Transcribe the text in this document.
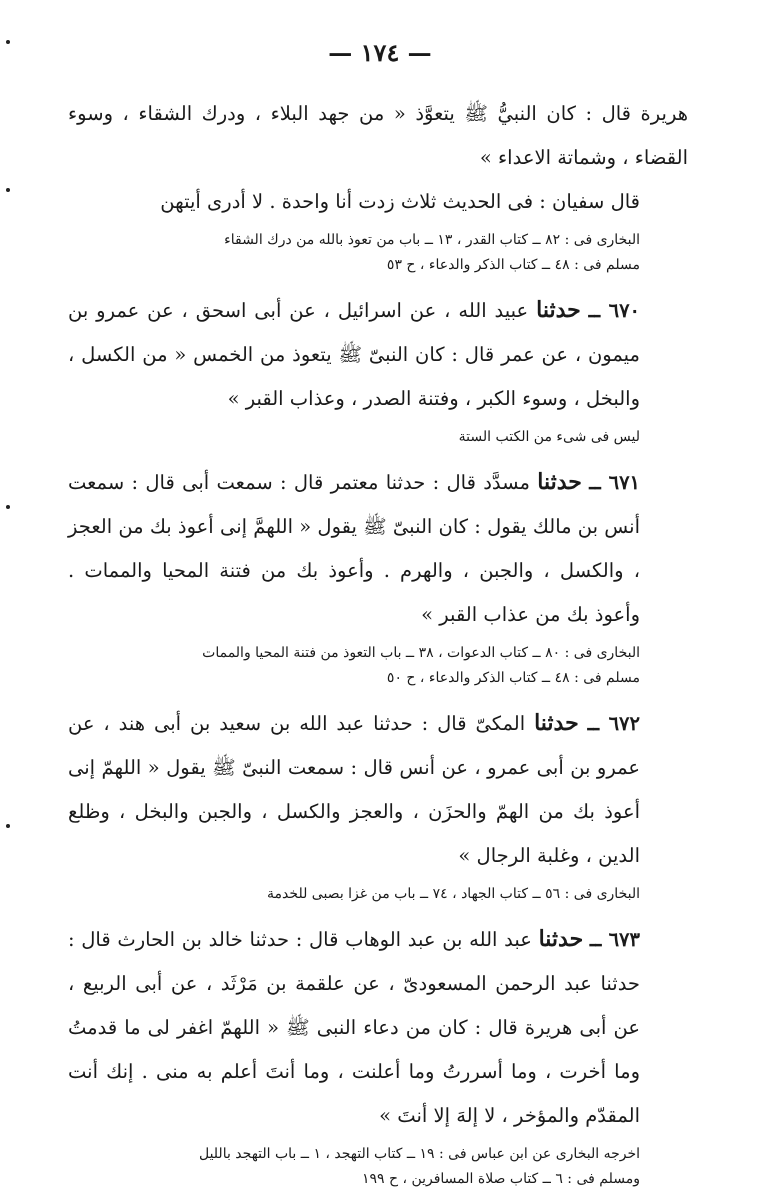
— ١٧٤ —

هريرة قال : كان النبيُّ ﷺ يتعوَّذ « من جهد البلاء ، ودرك الشقاء ، وسوء القضاء ، وشماتة الاعداء »

قال سفيان : فى الحديث ثلاث زدت أنا واحدة . لا أدرى أيتهن

البخارى فى : ٨٢ ــ كتاب القدر ، ١٣ ــ باب من تعوذ بالله من درك الشقاء

مسلم فى : ٤٨ ــ كتاب الذكر والدعاء ، ح ٥٣

٦٧٠ ــ حدثنا عبيد الله ، عن اسرائيل ، عن أبى اسحق ، عن عمرو بن ميمون ، عن عمر قال : كان النبىّ ﷺ يتعوذ من الخمس « من الكسل ، والبخل ، وسوء الكبر ، وفتنة الصدر ، وعذاب القبر »

ليس فى شىء من الكتب الستة

٦٧١ ــ حدثنا مسدَّد قال : حدثنا معتمر قال : سمعت أبى قال : سمعت أنس بن مالك يقول : كان النبىّ ﷺ يقول « اللهمَّ إنى أعوذ بك من العجز ، والكسل ، والجبن ، والهرم . وأعوذ بك من فتنة المحيا والممات . وأعوذ بك من عذاب القبر »

البخارى فى : ٨٠ ــ كتاب الدعوات ، ٣٨ ــ باب التعوذ من فتنة المحيا والممات

مسلم فى : ٤٨ ــ كتاب الذكر والدعاء ، ح ٥٠

٦٧٢ ــ حدثنا المكىّ قال : حدثنا عبد الله بن سعيد بن أبى هند ، عن عمرو بن أبى عمرو ، عن أنس قال : سمعت النبىّ ﷺ يقول « اللهمّ إنى أعوذ بك من الهمّ والحزَن ، والعجز والكسل ، والجبن والبخل ، وظلع الدين ، وغلبة الرجال »

البخارى فى : ٥٦ ــ كتاب الجهاد ، ٧٤ ــ باب من غزا بصبى للخدمة

٦٧٣ ــ حدثنا عبد الله بن عبد الوهاب قال : حدثنا خالد بن الحارث قال : حدثنا عبد الرحمن المسعودىّ ، عن علقمة بن مَرْثَد ، عن أبى الربيع ، عن أبى هريرة قال : كان من دعاء النبى ﷺ « اللهمّ اغفر لى ما قدمتُ وما أخرت ، وما أسررتُ وما أعلنت ، وما أنتَ أعلم به منى . إنك أنت المقدّم والمؤخر ، لا إلهَ إلا أنتَ »

اخرجه البخارى عن ابن عباس فى : ١٩ ــ كتاب التهجد ، ١ ــ باب التهجد بالليل

ومسلم فى : ٦ ــ كتاب صلاة المسافرين ، ح ١٩٩
